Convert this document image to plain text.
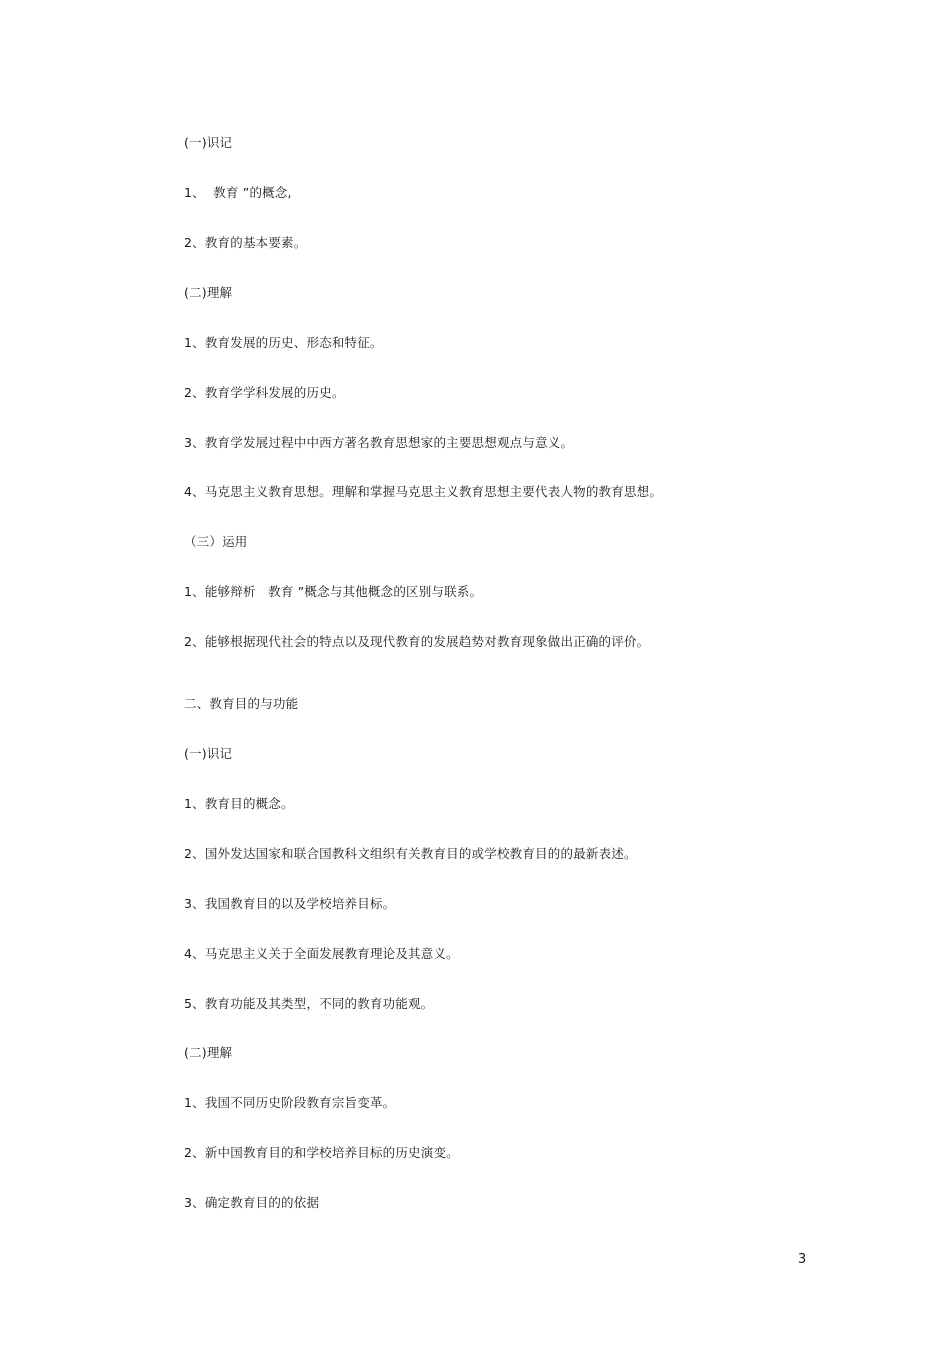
(一)识记
1、  教育 ”的概念,
2、教育的基本要素。
(二)理解
1、教育发展的历史、形态和特征。
2、教育学学科发展的历史。
3、教育学发展过程中中西方著名教育思想家的主要思想观点与意义。
4、马克思主义教育思想。理解和掌握马克思主义教育思想主要代表人物的教育思想。
（三）运用
1、能够辩析   教育 ”概念与其他概念的区别与联系。
2、能够根据现代社会的特点以及现代教育的发展趋势对教育现象做出正确的评价。
二、教育目的与功能
(一)识记
1、教育目的概念。
2、国外发达国家和联合国教科文组织有关教育目的或学校教育目的的最新表述。
3、我国教育目的以及学校培养目标。
4、马克思主义关于全面发展教育理论及其意义。
5、教育功能及其类型，不同的教育功能观。
(二)理解
1、我国不同历史阶段教育宗旨变革。
2、新中国教育目的和学校培养目标的历史演变。
3、确定教育目的的依据
3
